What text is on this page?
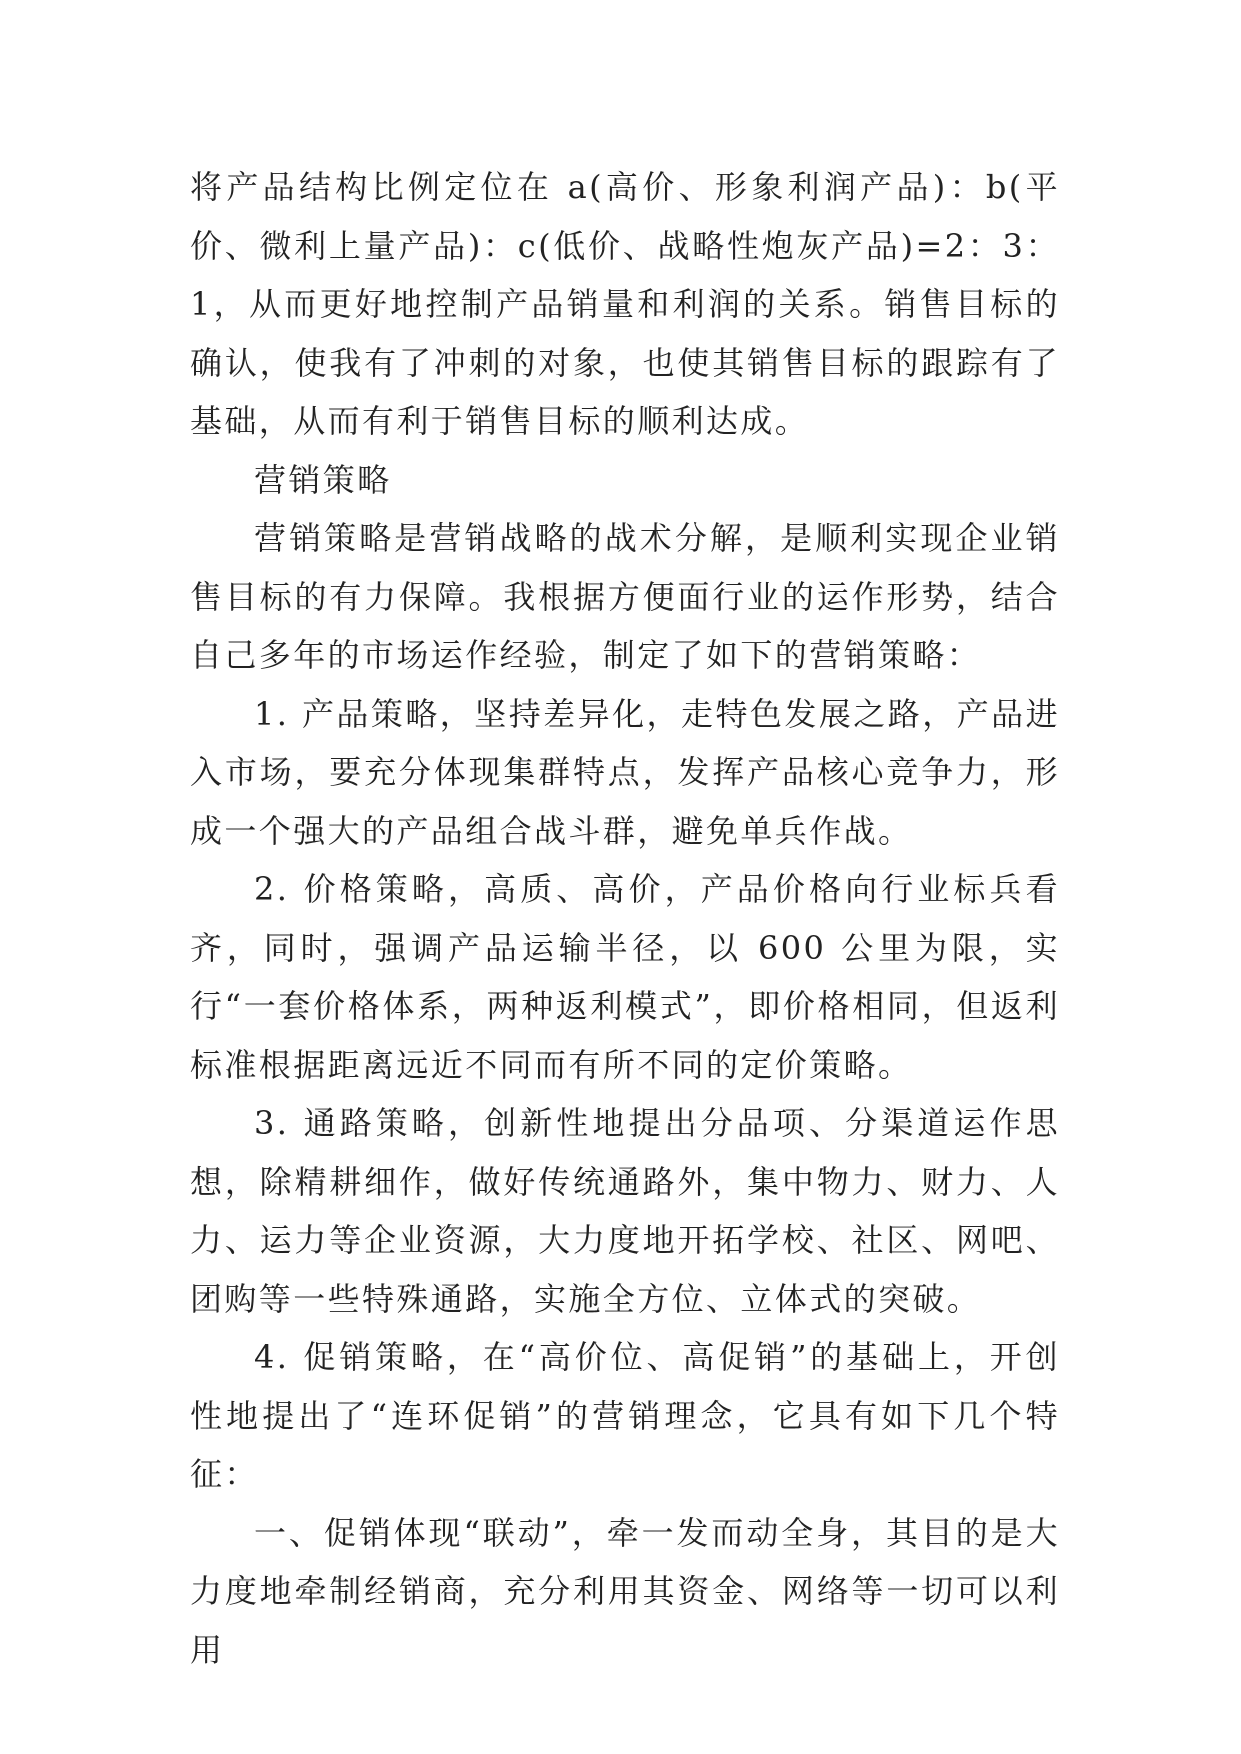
将产品结构比例定位在 a(高价、形象利润产品)：b(平价、微利上量产品)：c(低价、战略性炮灰产品)=2：3：1，从而更好地控制产品销量和利润的关系。销售目标的确认，使我有了冲刺的对象，也使其销售目标的跟踪有了基础，从而有利于销售目标的顺利达成。

营销策略

营销策略是营销战略的战术分解，是顺利实现企业销售目标的有力保障。我根据方便面行业的运作形势，结合自己多年的市场运作经验，制定了如下的营销策略：

1. 产品策略，坚持差异化，走特色发展之路，产品进入市场，要充分体现集群特点，发挥产品核心竞争力，形成一个强大的产品组合战斗群，避免单兵作战。

2. 价格策略，高质、高价，产品价格向行业标兵看齐，同时，强调产品运输半径，以 600 公里为限，实行“一套价格体系，两种返利模式”，即价格相同，但返利标准根据距离远近不同而有所不同的定价策略。

3. 通路策略，创新性地提出分品项、分渠道运作思想，除精耕细作，做好传统通路外，集中物力、财力、人力、运力等企业资源，大力度地开拓学校、社区、网吧、团购等一些特殊通路，实施全方位、立体式的突破。

4. 促销策略，在“高价位、高促销”的基础上，开创性地提出了“连环促销”的营销理念，它具有如下几个特征：

一、促销体现“联动”，牵一发而动全身，其目的是大力度地牵制经销商，充分利用其资金、网络等一切可以利用
